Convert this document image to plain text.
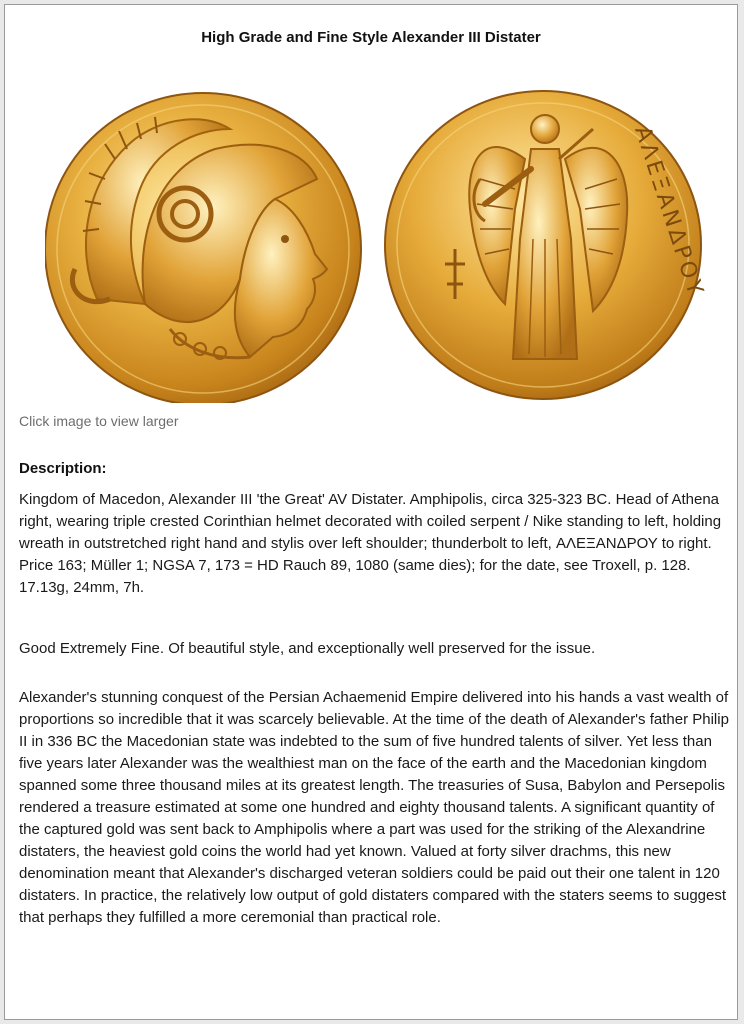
High Grade and Fine Style Alexander III Distater
ΑΛΕΞΑΝΔΡΟΥ
Click image to view larger
Description:
Kingdom of Macedon, Alexander III 'the Great' AV Distater. Amphipolis, circa 325-323 BC. Head of Athena right, wearing triple crested Corinthian helmet decorated with coiled serpent / Nike standing to left, holding wreath in outstretched right hand and stylis over left shoulder; thunderbolt to left, ΑΛΕΞΑΝΔΡΟΥ to right. Price 163; Müller 1; NGSA 7, 173 = HD Rauch 89, 1080 (same dies); for the date, see Troxell, p. 128. 17.13g, 24mm, 7h.
Good Extremely Fine. Of beautiful style, and exceptionally well preserved for the issue.
Alexander's stunning conquest of the Persian Achaemenid Empire delivered into his hands a vast wealth of proportions so incredible that it was scarcely believable. At the time of the death of Alexander's father Philip II in 336 BC the Macedonian state was indebted to the sum of five hundred talents of silver. Yet less than five years later Alexander was the wealthiest man on the face of the earth and the Macedonian kingdom spanned some three thousand miles at its greatest length. The treasuries of Susa, Babylon and Persepolis rendered a treasure estimated at some one hundred and eighty thousand talents. A significant quantity of the captured gold was sent back to Amphipolis where a part was used for the striking of the Alexandrine distaters, the heaviest gold coins the world had yet known. Valued at forty silver drachms, this new denomination meant that Alexander's discharged veteran soldiers could be paid out their one talent in 120 distaters. In practice, the relatively low output of gold distaters compared with the staters seems to suggest that perhaps they fulfilled a more ceremonial than practical role.
